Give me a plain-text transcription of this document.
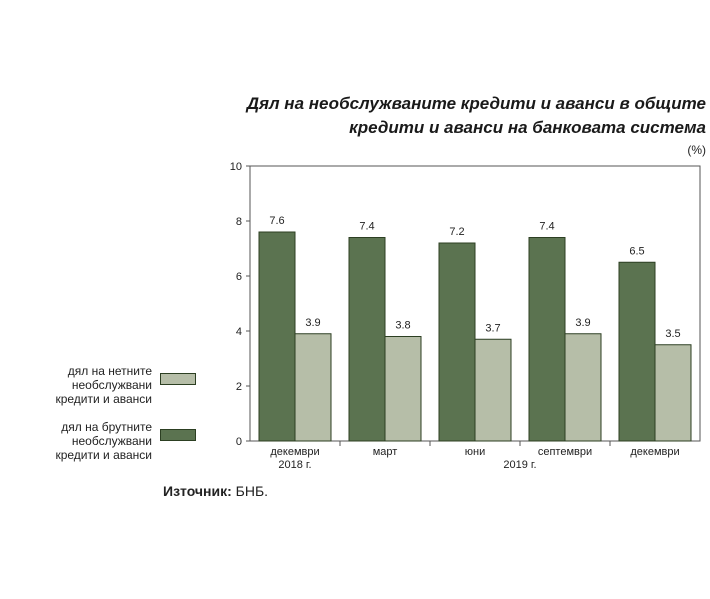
Дял на необслужваните кредити и аванси в общите
кредити и аванси на банковата система
(%)
0
2
4
6
8
10
7.6
3.9
декември
7.4
3.8
март
7.2
3.7
юни
7.4
3.9
септември
6.5
3.5
декември
2018 г.	2019 г.
дял на нетните необслужвани кредити и аванси
дял на брутните необслужвани кредити и аванси
Източник: БНБ.
